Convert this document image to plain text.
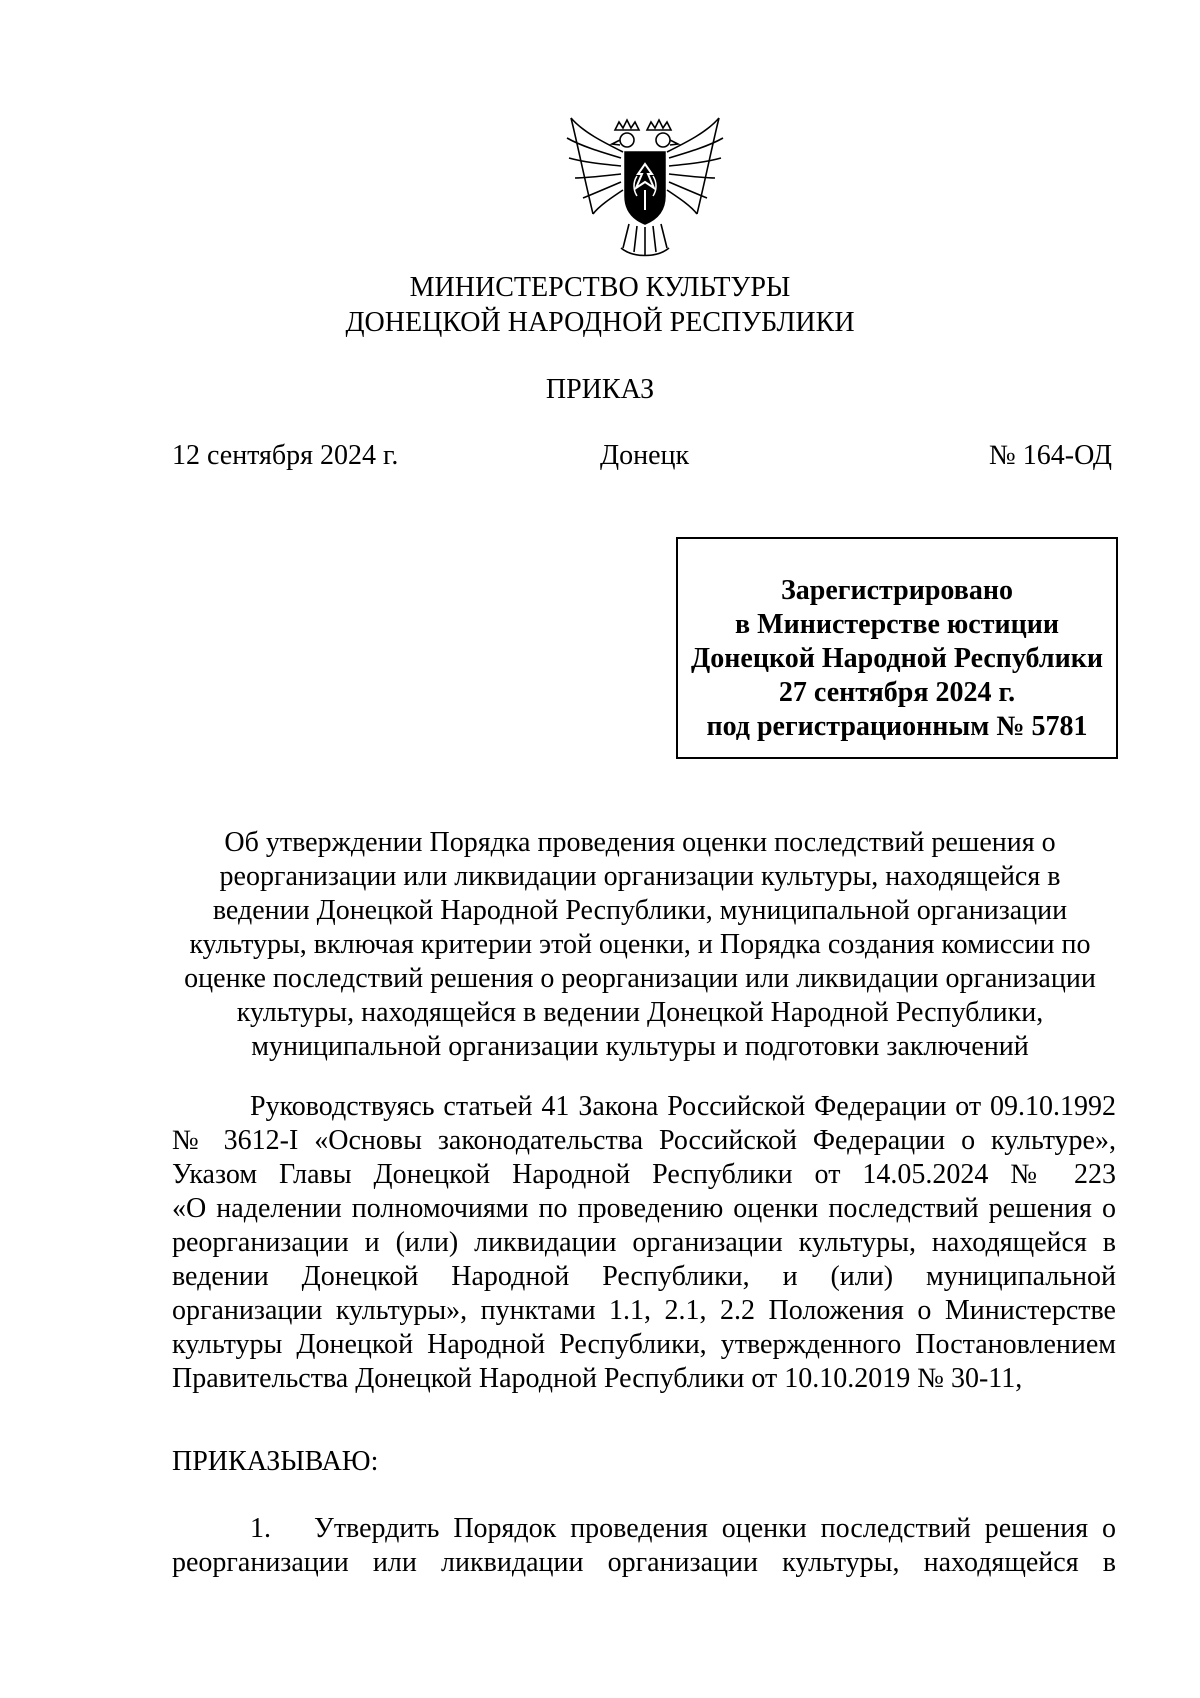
МИНИСТЕРСТВО КУЛЬТУРЫ
ДОНЕЦКОЙ НАРОДНОЙ РЕСПУБЛИКИ
ПРИКАЗ
12 сентября 2024 г.	Донецк	№ 164-ОД
Зарегистрировано
в Министерстве юстиции
Донецкой Народной Республики
27 сентября 2024 г.
под регистрационным № 5781
Об утверждении Порядка проведения оценки последствий решения о
реорганизации или ликвидации организации культуры, находящейся в
ведении Донецкой Народной Республики, муниципальной организации
культуры, включая критерии этой оценки, и Порядка создания комиссии по
оценке последствий решения о реорганизации или ликвидации организации
культуры, находящейся в ведении Донецкой Народной Республики,
муниципальной организации культуры и подготовки заключений
Руководствуясь статьей 41 Закона Российской Федерации от 09.10.1992
№ 3612-I «Основы законодательства Российской Федерации о культуре»,
Указом Главы Донецкой Народной Республики от 14.05.2024 № 223
«О наделении полномочиями по проведению оценки последствий решения о
реорганизации и (или) ликвидации организации культуры, находящейся в
ведении Донецкой Народной Республики, и (или) муниципальной
организации культуры», пунктами 1.1, 2.1, 2.2 Положения о Министерстве
культуры Донецкой Народной Республики, утвержденного Постановлением
Правительства Донецкой Народной Республики от 10.10.2019 № 30-11,
ПРИКАЗЫВАЮ:
1. Утвердить Порядок проведения оценки последствий решения о
реорганизации или ликвидации организации культуры, находящейся в
